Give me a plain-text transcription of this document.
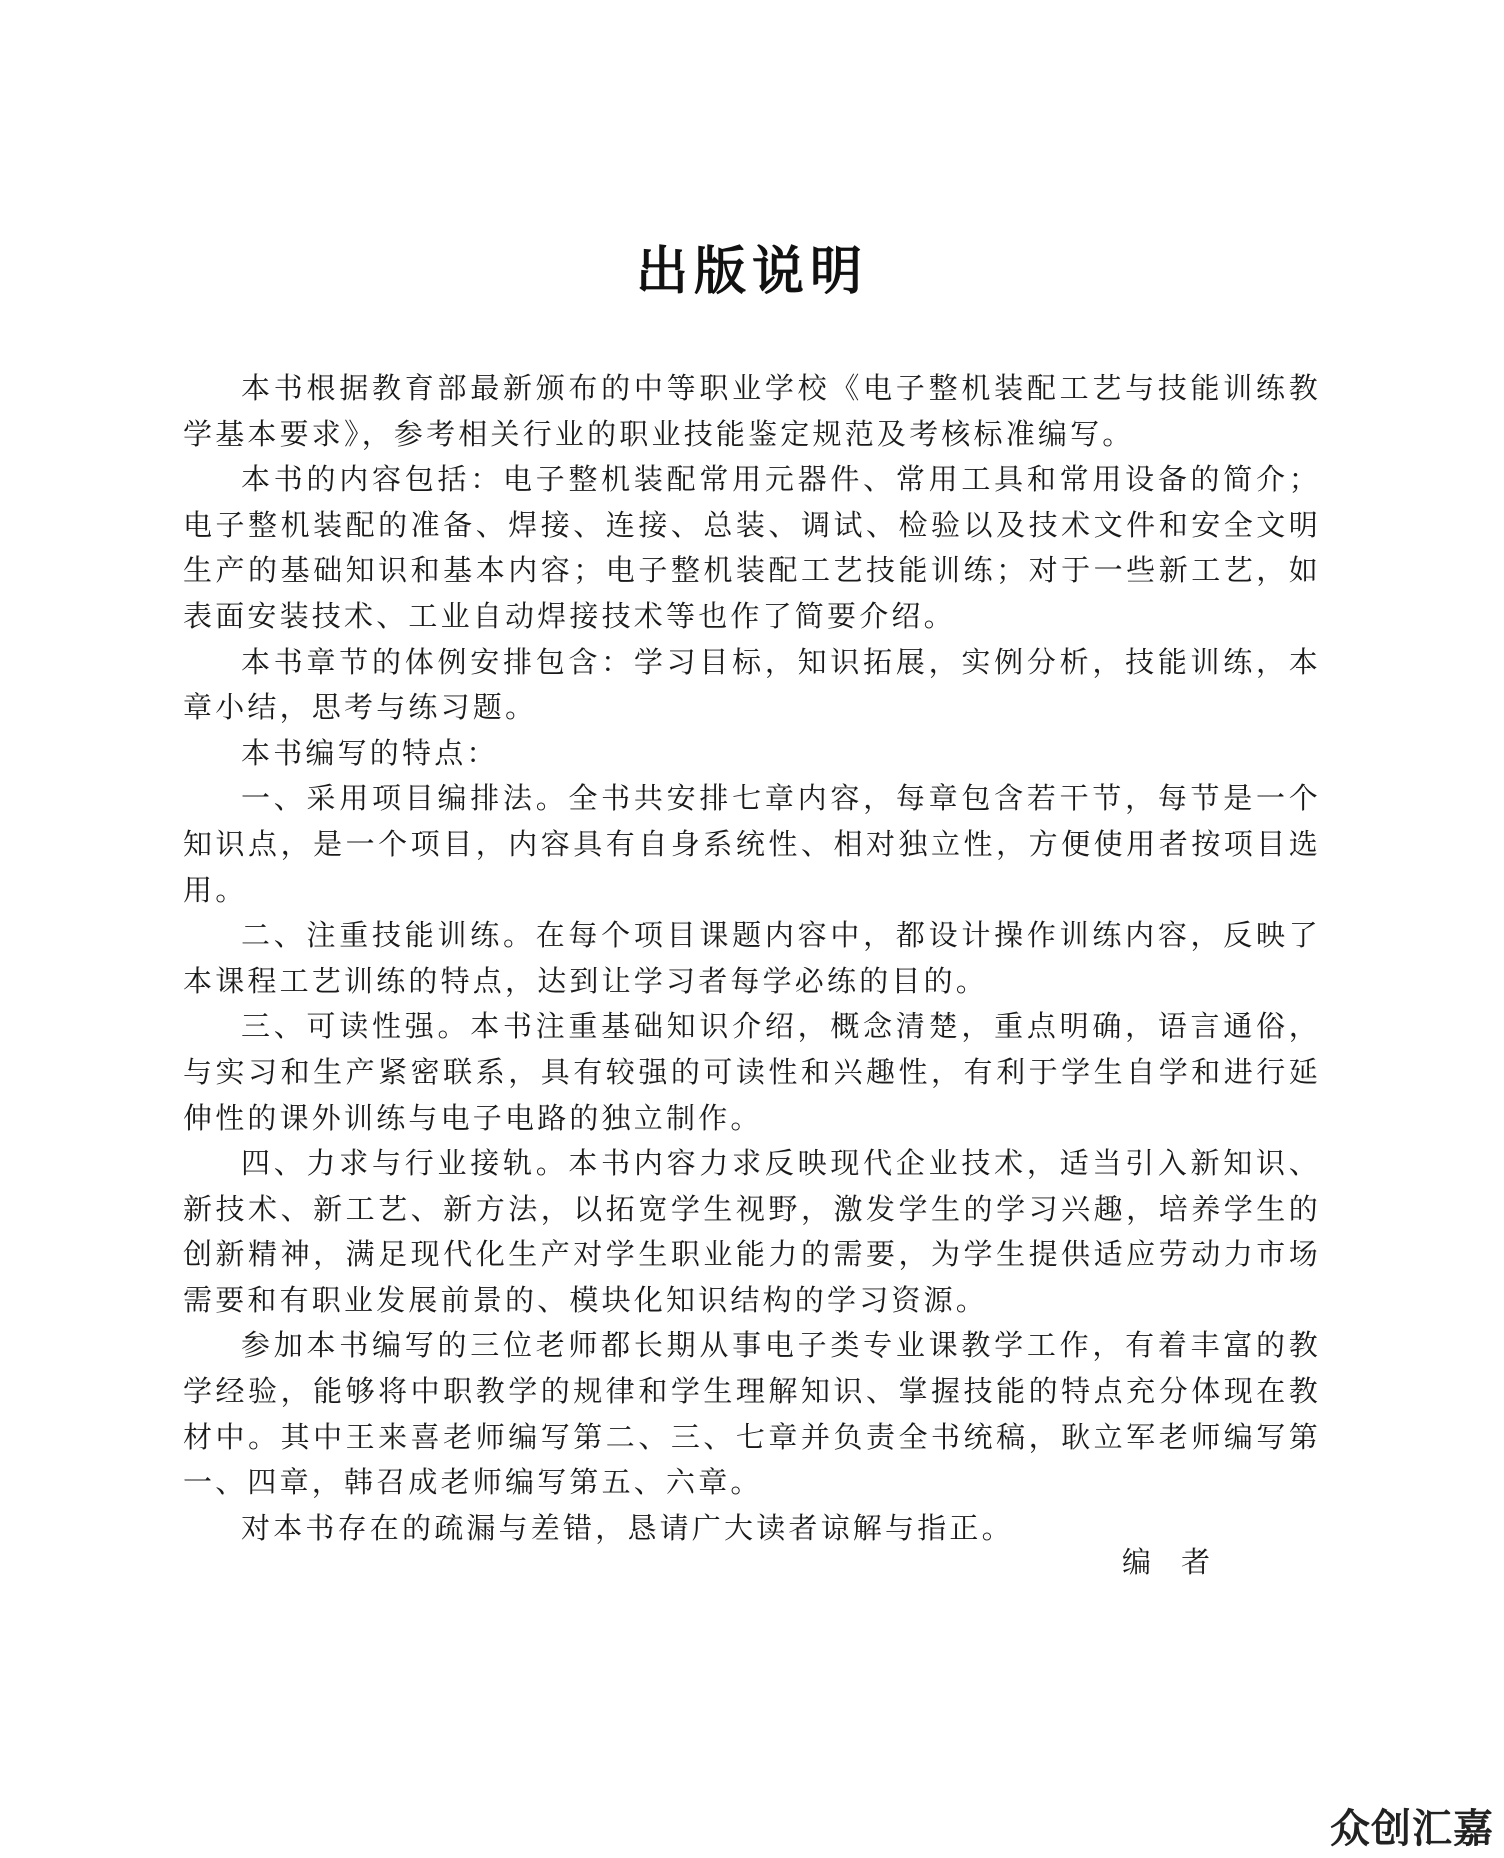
出版说明

本书根据教育部最新颁布的中等职业学校《电子整机装配工艺与技能训练教学基本要求》，参考相关行业的职业技能鉴定规范及考核标准编写。

本书的内容包括：电子整机装配常用元器件、常用工具和常用设备的简介；电子整机装配的准备、焊接、连接、总装、调试、检验以及技术文件和安全文明生产的基础知识和基本内容；电子整机装配工艺技能训练；对于一些新工艺，如表面安装技术、工业自动焊接技术等也作了简要介绍。

本书章节的体例安排包含：学习目标，知识拓展，实例分析，技能训练，本章小结，思考与练习题。

本书编写的特点：

一、采用项目编排法。全书共安排七章内容，每章包含若干节，每节是一个知识点，是一个项目，内容具有自身系统性、相对独立性，方便使用者按项目选用。

二、注重技能训练。在每个项目课题内容中，都设计操作训练内容，反映了本课程工艺训练的特点，达到让学习者每学必练的目的。

三、可读性强。本书注重基础知识介绍，概念清楚，重点明确，语言通俗，与实习和生产紧密联系，具有较强的可读性和兴趣性，有利于学生自学和进行延伸性的课外训练与电子电路的独立制作。

四、力求与行业接轨。本书内容力求反映现代企业技术，适当引入新知识、新技术、新工艺、新方法，以拓宽学生视野，激发学生的学习兴趣，培养学生的创新精神，满足现代化生产对学生职业能力的需要，为学生提供适应劳动力市场需要和有职业发展前景的、模块化知识结构的学习资源。

参加本书编写的三位老师都长期从事电子类专业课教学工作，有着丰富的教学经验，能够将中职教学的规律和学生理解知识、掌握技能的特点充分体现在教材中。其中王来喜老师编写第二、三、七章并负责全书统稿，耿立军老师编写第一、四章，韩召成老师编写第五、六章。

对本书存在的疏漏与差错，恳请广大读者谅解与指正。

编者
众创汇嘉
